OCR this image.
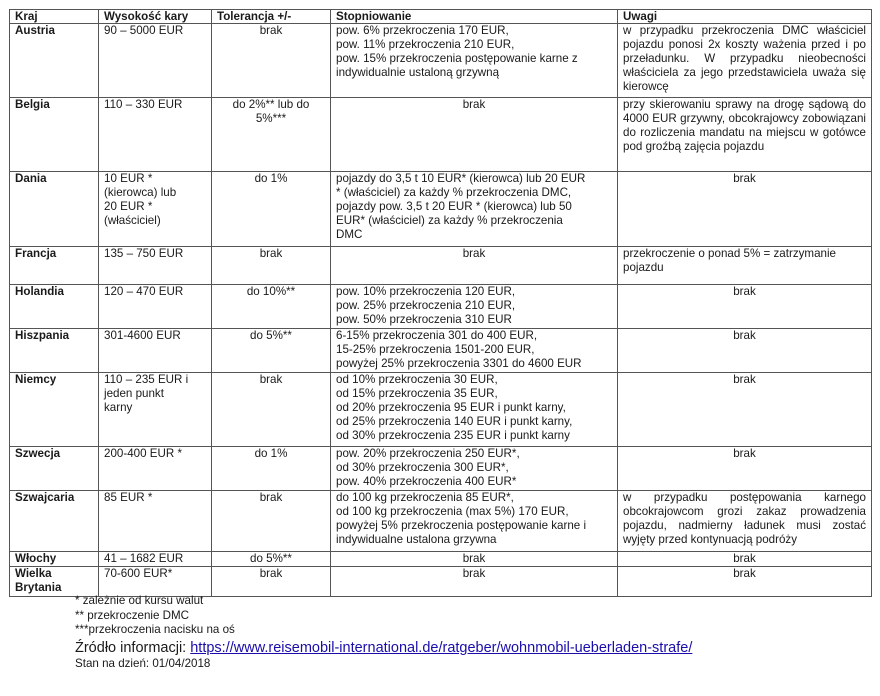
Kraj	Wysokość kary	Tolerancja +/-	Stopniowanie	Uwagi
Austria	90 – 5000 EUR	brak	pow. 6% przekroczenia 170 EUR,
pow. 11% przekroczenia 210 EUR,
pow. 15% przekroczenia postępowanie karne z
indywidualnie ustaloną grzywną	w przypadku przekroczenia DMC właściciel pojazdu ponosi 2x koszty ważenia przed i po przeładunku. W przypadku nieobecności właściciela za jego przedstawiciela uważa się kierowcę
Belgia	110 – 330 EUR	do 2%** lub do
5%***	brak	przy skierowaniu sprawy na drogę sądową do 4000 EUR grzywny, obcokrajowcy zobowiązani do rozliczenia mandatu na miejscu w gotówce pod groźbą zajęcia pojazdu
Dania	10 EUR *
(kierowca) lub
20 EUR *
(właściciel)	do 1%	pojazdy do 3,5 t 10 EUR* (kierowca) lub 20 EUR
* (właściciel) za każdy % przekroczenia DMC,
pojazdy pow. 3,5 t 20 EUR * (kierowca) lub 50
EUR* (właściciel) za każdy % przekroczenia
DMC	brak
Francja	135 – 750 EUR	brak	brak	przekroczenie o ponad 5% = zatrzymanie pojazdu
Holandia	120 – 470 EUR	do 10%**	pow. 10% przekroczenia 120 EUR,
pow. 25% przekroczenia 210 EUR,
pow. 50% przekroczenia 310 EUR	brak
Hiszpania	301-4600 EUR	do 5%**	6-15% przekroczenia 301 do 400 EUR,
15-25% przekroczenia 1501-200 EUR,
powyżej 25% przekroczenia 3301 do 4600 EUR	brak
Niemcy	110 – 235 EUR i
jeden punkt
karny	brak	od 10% przekroczenia 30 EUR,
od 15% przekroczenia 35 EUR,
od 20% przekroczenia 95 EUR i punkt karny,
od 25% przekroczenia 140 EUR i punkt karny,
od 30% przekroczenia 235 EUR i punkt karny	brak
Szwecja	200-400 EUR *	do 1%	pow. 20% przekroczenia 250 EUR*,
od 30% przekroczenia 300 EUR*,
pow. 40% przekroczenia 400 EUR*	brak
Szwajcaria	85 EUR *	brak	do 100 kg przekroczenia 85 EUR*,
od 100 kg przekroczenia (max 5%) 170 EUR,
powyżej 5% przekroczenia postępowanie karne i
indywidualne ustalona grzywna	w przypadku postępowania karnego obcokrajowcom grozi zakaz prowadzenia pojazdu, nadmierny ładunek musi zostać wyjęty przed kontynuacją podróży
Włochy	41 – 1682 EUR	do 5%**	brak	brak
Wielka Brytania	70-600 EUR*	brak	brak	brak
* zależnie od kursu walut
** przekroczenie DMC
***przekroczenia nacisku na oś
Źródło informacji: https://www.reisemobil-international.de/ratgeber/wohnmobil-ueberladen-strafe/
Stan na dzień: 01/04/2018
